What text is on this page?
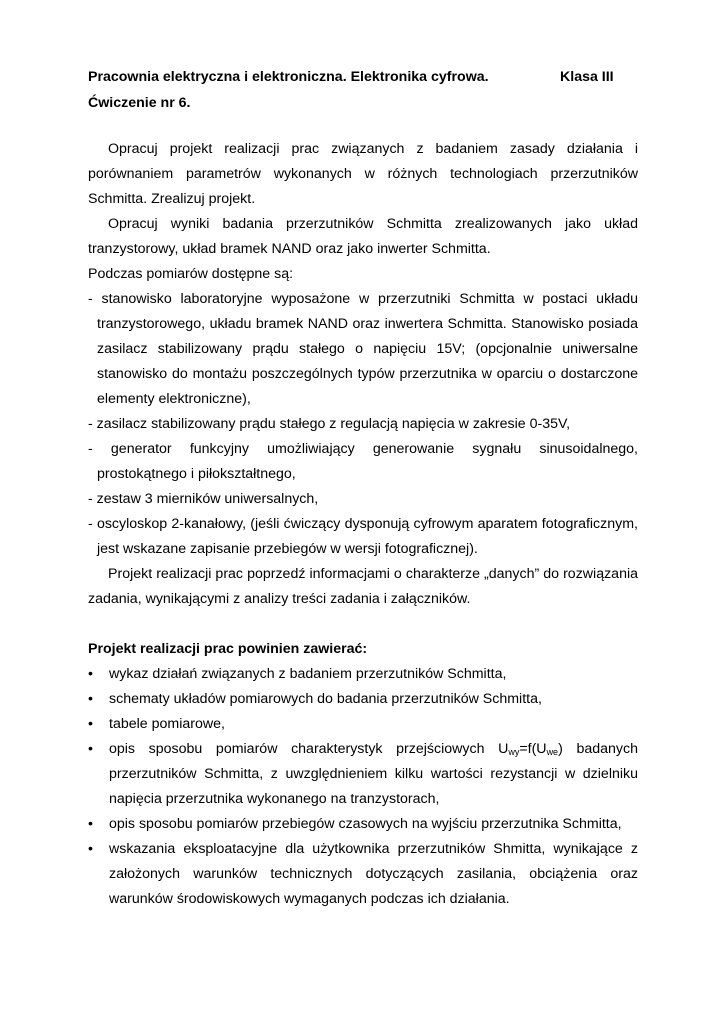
Pracownia elektryczna i elektroniczna. Elektronika cyfrowa.	Klasa III
Ćwiczenie nr 6.

Opracuj projekt realizacji prac związanych z badaniem zasady działania i porównaniem parametrów wykonanych w różnych technologiach przerzutników Schmitta. Zrealizuj projekt.

Opracuj wyniki badania przerzutników Schmitta zrealizowanych jako układ tranzystorowy, układ bramek NAND oraz jako inwerter Schmitta.

Podczas pomiarów dostępne są:

- stanowisko laboratoryjne wyposażone w przerzutniki Schmitta w postaci układu tranzystorowego, układu bramek NAND oraz inwertera Schmitta. Stanowisko posiada zasilacz stabilizowany prądu stałego o napięciu 15V; (opcjonalnie uniwersalne stanowisko do montażu poszczególnych typów przerzutnika w oparciu o dostarczone elementy elektroniczne),

- zasilacz stabilizowany prądu stałego z regulacją napięcia w zakresie 0-35V,

- generator funkcyjny umożliwiający generowanie sygnału sinusoidalnego, prostokątnego i piłokształtnego,

- zestaw 3 mierników uniwersalnych,

- oscyloskop 2-kanałowy, (jeśli ćwiczący dysponują cyfrowym aparatem fotograficznym, jest wskazane zapisanie przebiegów w wersji fotograficznej).

Projekt realizacji prac poprzedź informacjami o charakterze „danych” do rozwiązania zadania, wynikającymi z analizy treści zadania i załączników.

Projekt realizacji prac powinien zawierać:

• wykaz działań związanych z badaniem przerzutników Schmitta,
• schematy układów pomiarowych do badania przerzutników Schmitta,
• tabele pomiarowe,
• opis sposobu pomiarów charakterystyk przejściowych $U_{wy}=f(U_{we})$ badanych przerzutników Schmitta, z uwzględnieniem kilku wartości rezystancji w dzielniku napięcia przerzutnika wykonanego na tranzystorach,
• opis sposobu pomiarów przebiegów czasowych na wyjściu przerzutnika Schmitta,
• wskazania eksploatacyjne dla użytkownika przerzutników Shmitta, wynikające z założonych warunków technicznych dotyczących zasilania, obciążenia oraz warunków środowiskowych wymaganych podczas ich działania.
